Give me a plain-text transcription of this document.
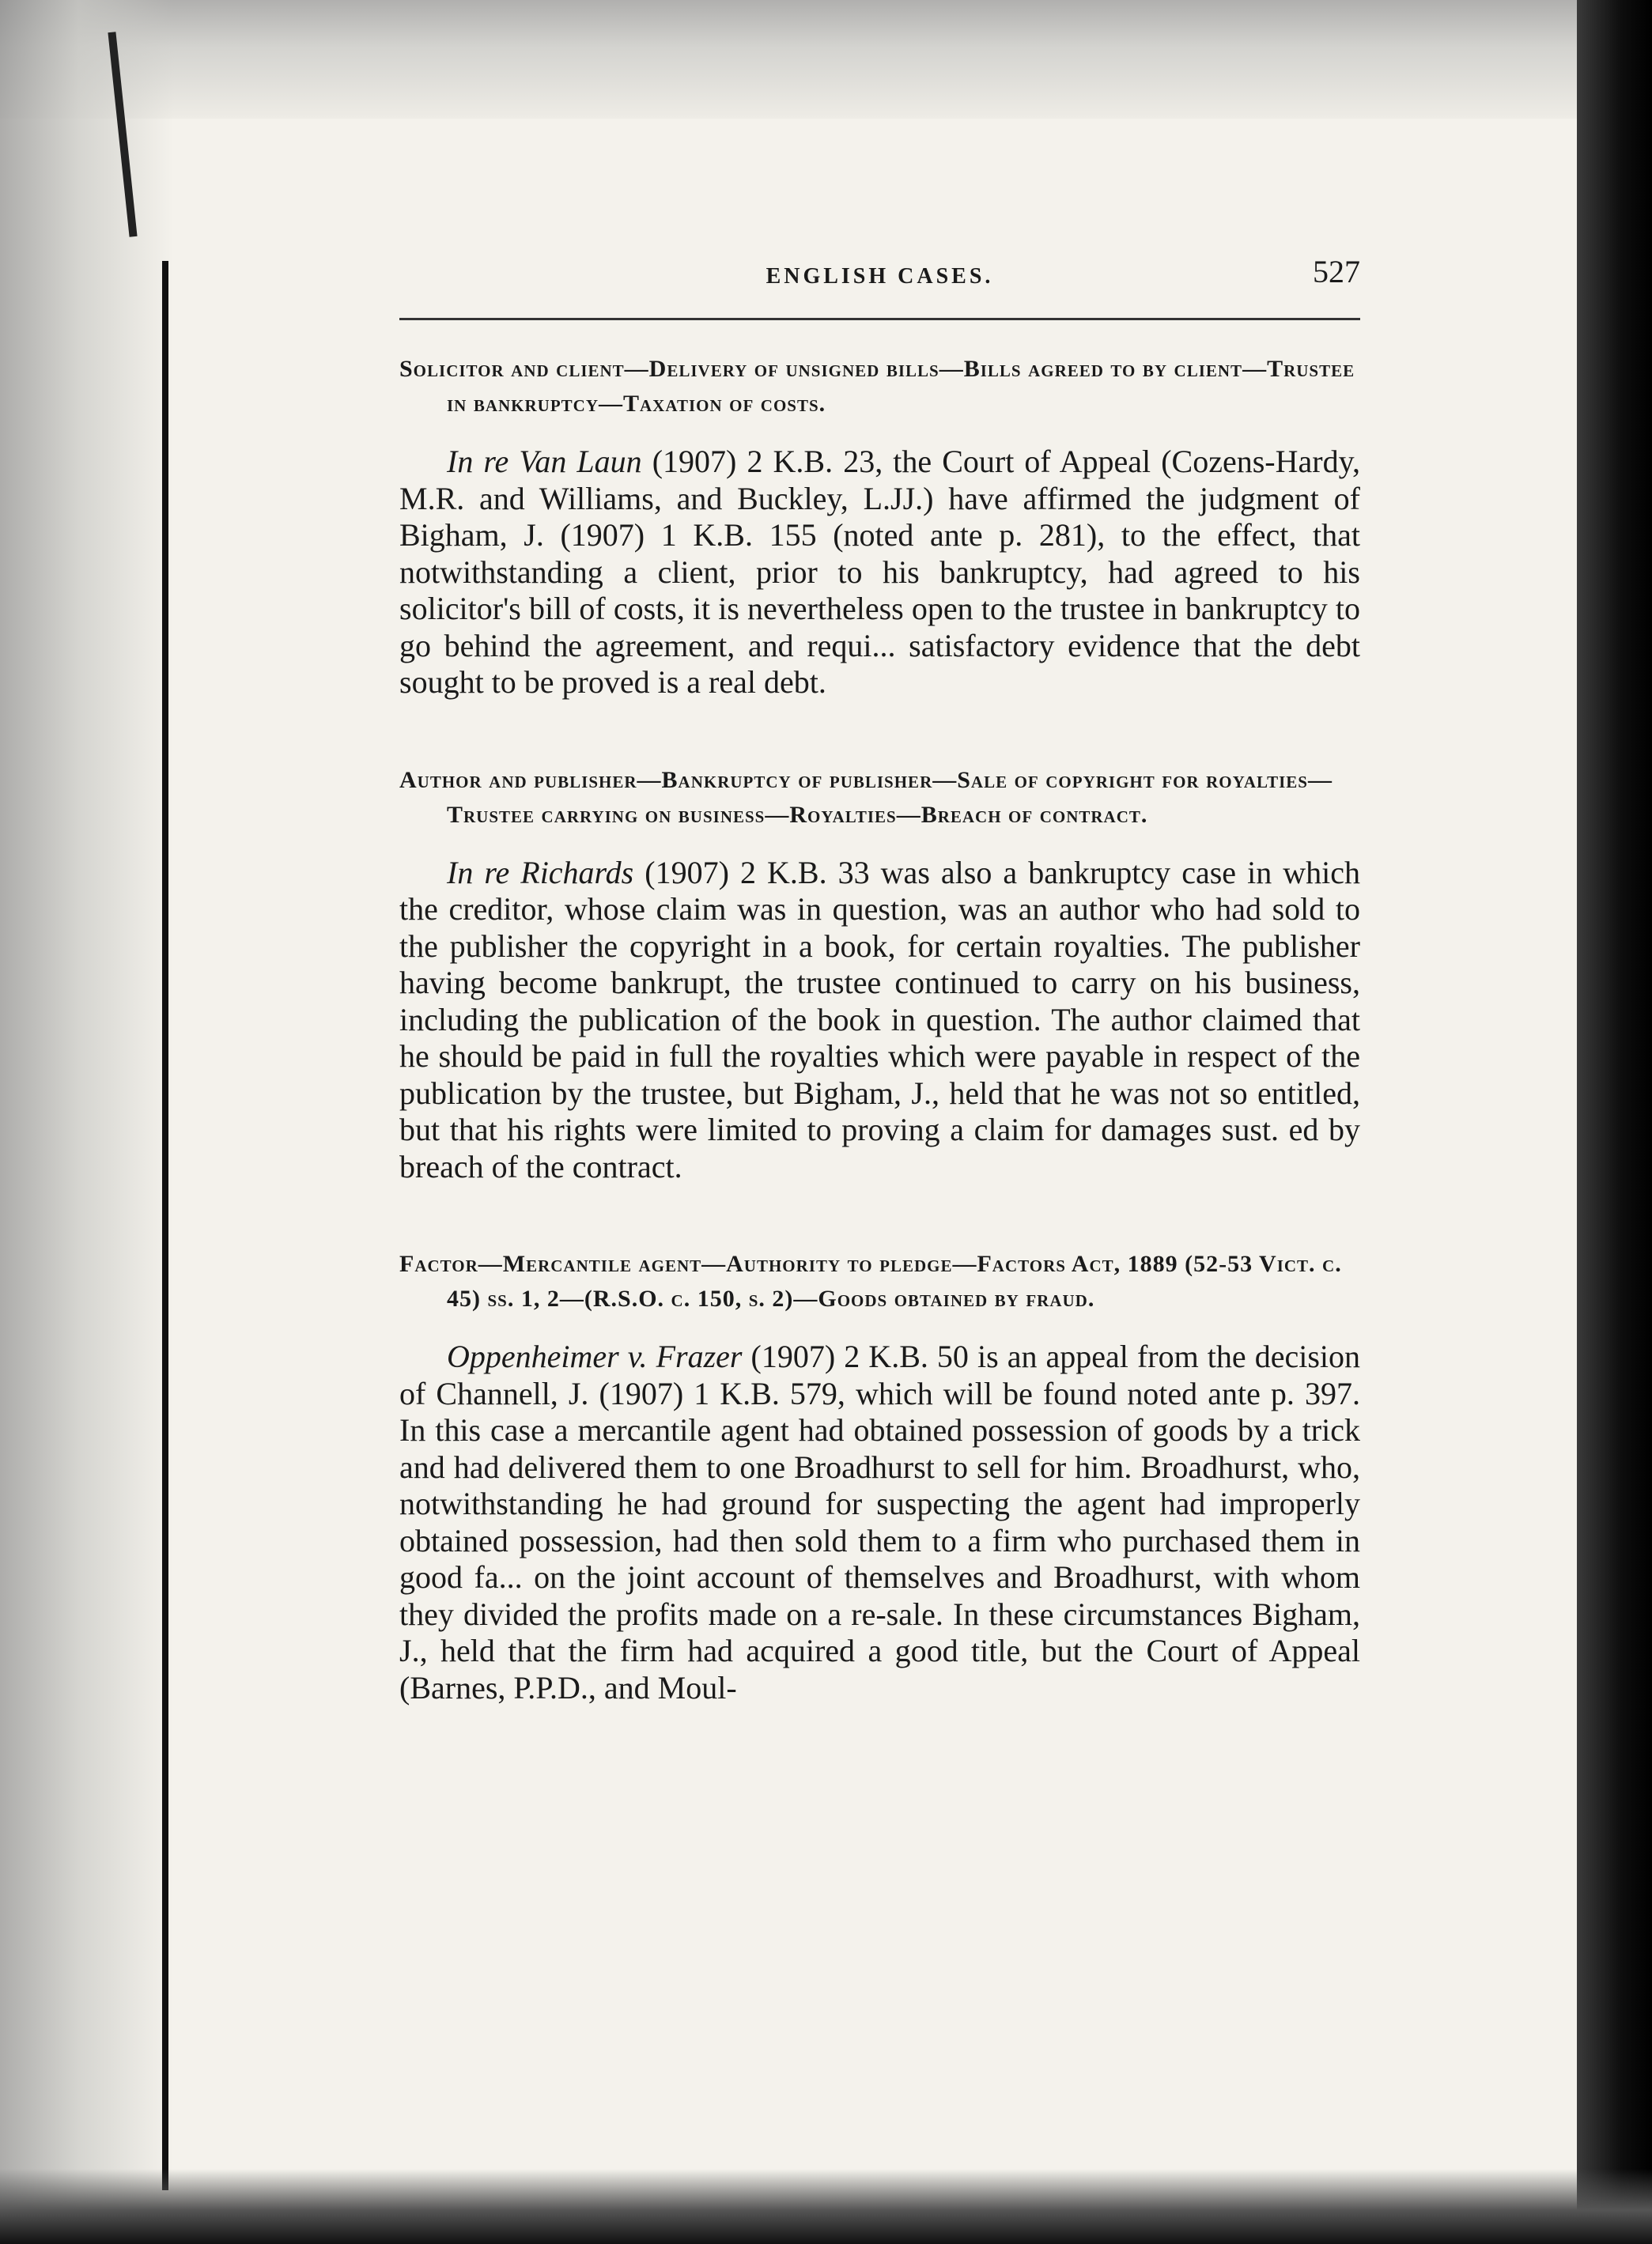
ENGLISH CASES.	527

Solicitor and client—Delivery of unsigned bills—Bills agreed to by client—Trustee in bankruptcy—Taxation of costs.

In re Van Laun (1907) 2 K.B. 23, the Court of Appeal (Cozens-Hardy, M.R. and Williams, and Buckley, L.JJ.) have affirmed the judgment of Bigham, J. (1907) 1 K.B. 155 (noted ante p. 281), to the effect, that notwithstanding a client, prior to his bankruptcy, had agreed to his solicitor's bill of costs, it is nevertheless open to the trustee in bankruptcy to go behind the agreement, and requi... satisfactory evidence that the debt sought to be proved is a real debt.

Author and publisher—Bankruptcy of publisher—Sale of copyright for royalties—Trustee carrying on business—Royalties—Breach of contract.

In re Richards (1907) 2 K.B. 33 was also a bankruptcy case in which the creditor, whose claim was in question, was an author who had sold to the publisher the copyright in a book, for certain royalties. The publisher having become bankrupt, the trustee continued to carry on his business, including the publication of the book in question. The author claimed that he should be paid in full the royalties which were payable in respect of the publication by the trustee, but Bigham, J., held that he was not so entitled, but that his rights were limited to proving a claim for damages sust. ed by breach of the contract.

Factor—Mercantile agent—Authority to pledge—Factors Act, 1889 (52-53 Vict. c. 45) ss. 1, 2—(R.S.O. c. 150, s. 2)—Goods obtained by fraud.

Oppenheimer v. Frazer (1907) 2 K.B. 50 is an appeal from the decision of Channell, J. (1907) 1 K.B. 579, which will be found noted ante p. 397. In this case a mercantile agent had obtained possession of goods by a trick and had delivered them to one Broadhurst to sell for him. Broadhurst, who, notwithstanding he had ground for suspecting the agent had improperly obtained possession, had then sold them to a firm who purchased them in good fa... on the joint account of themselves and Broadhurst, with whom they divided the profits made on a re-sale. In these circumstances Bigham, J., held that the firm had acquired a good title, but the Court of Appeal (Barnes, P.P.D., and Moul-
